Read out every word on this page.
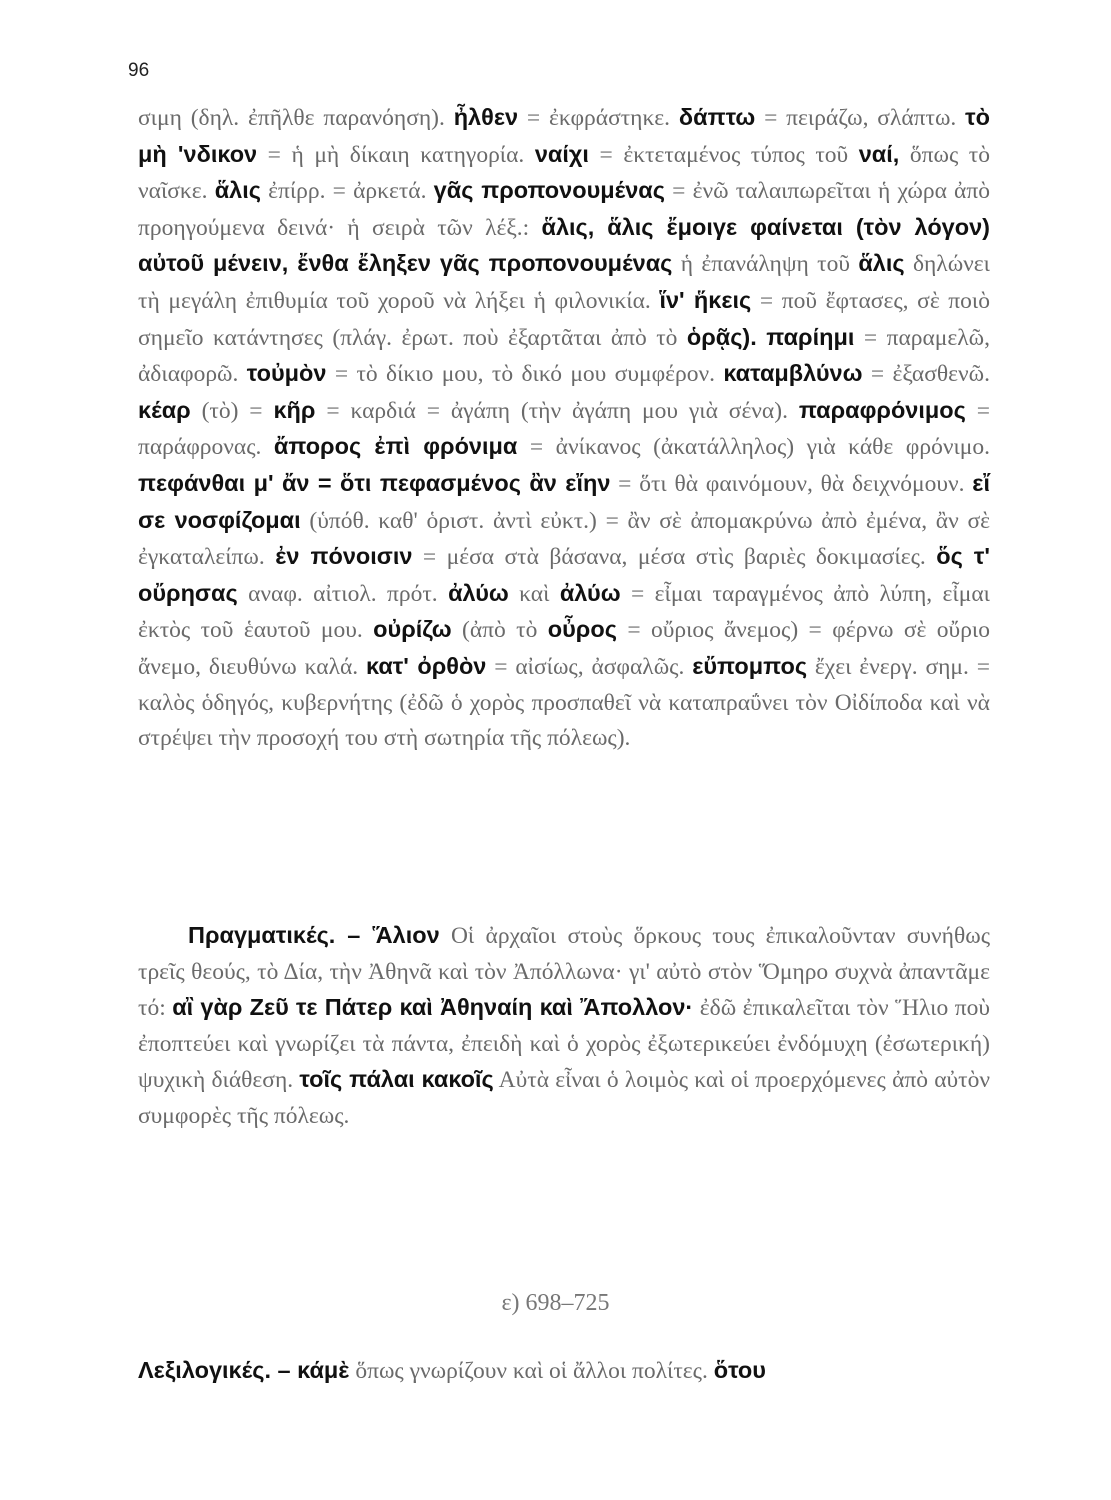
96

σιμη (δηλ. ἐπῆλθε παρανόηση). ἦλθεν = ἐκφράστηκε. δάπτω = πειράζω, σλάπτω. τὸ μὴ 'νδικον = ἡ μὴ δίκαιη κατηγορία. ναίχι = ἐκτεταμένος τύπος τοῦ ναί, ὅπως τὸ ναῖσκε. ἅλις ἐπίρρ. = ἀρκετά. γᾶς προπονουμένας = ἐνῶ ταλαιπωρεῖται ἡ χώρα ἀπὸ προηγούμενα δεινά· ἡ σειρὰ τῶν λέξ.: ἅλις, ἅλις ἔμοιγε φαίνεται (τὸν λόγον) αὐτοῦ μένειν, ἔνθα ἔληξεν γᾶς προπονουμένας ἡ ἐπανάληψη τοῦ ἅλις δηλώνει τὴ μεγάλη ἐπιθυμία τοῦ χοροῦ νὰ λήξει ἡ φιλονικία. ἵν' ἥκεις = ποῦ ἔφτασες, σὲ ποιὸ σημεῖο κατάντησες (πλάγ. ἐρωτ. ποὺ ἐξαρτᾶται ἀπὸ τὸ ὁρᾷς). παρίημι = παραμελῶ, ἀδιαφορῶ. τοὐμὸν = τὸ δίκιο μου, τὸ δικό μου συμφέρον. καταμβλύνω = ἐξασθενῶ. κέαρ (τὸ) = κῆρ = καρδιά = ἀγάπη (τὴν ἀγάπη μου γιὰ σένα). παραφρόνιμος = παράφρονας. ἄπορος ἐπὶ φρόνιμα = ἀνίκανος (ἀκατάλληλος) γιὰ κάθε φρόνιμο. πεφάνθαι μ' ἄν = ὅτι πεφασμένος ἂν εἴην = ὅτι θὰ φαινόμουν, θὰ δειχνόμουν. εἴ σε νοσφίζομαι (ὑπόθ. καθ' ὁριστ. ἀντὶ εὐκτ.) = ἂν σὲ ἀπομακρύνω ἀπὸ ἐμένα, ἂν σὲ ἐγκαταλείπω. ἐν πόνοισιν = μέσα στὰ βάσανα, μέσα στὶς βαριὲς δοκιμασίες. ὅς τ' οὔρησας αναφ. αἰτιολ. πρότ. ἀλύω καὶ ἀλύω = εἶμαι ταραγμένος ἀπὸ λύπη, εἶμαι ἐκτὸς τοῦ ἑαυτοῦ μου. οὐρίζω (ἀπὸ τὸ οὖρος = οὔριος ἄνεμος) = φέρνω σὲ οὔριο ἄνεμο, διευθύνω καλά. κατ' ὀρθὸν = αἰσίως, ἀσφαλῶς. εὔπομπος ἔχει ἐνεργ. σημ. = καλὸς ὁδηγός, κυβερνήτης (ἐδῶ ὁ χορὸς προσπαθεῖ νὰ καταπραΰνει τὸν Οἰδίποδα καὶ νὰ στρέψει τὴν προσοχή του στὴ σωτηρία τῆς πόλεως).

Πραγματικές. – Ἅλιον Οἱ ἀρχαῖοι στοὺς ὅρκους τους ἐπικαλοῦνταν συνήθως τρεῖς θεούς, τὸ Δία, τὴν Ἀθηνᾶ καὶ τὸν Ἀπόλλωνα· γι' αὐτὸ στὸν Ὅμηρο συχνὰ ἀπαντᾶμε τό: αἲ γὰρ Ζεῦ τε Πάτερ καὶ Ἀθηναίη καὶ Ἄπολλον· ἐδῶ ἐπικαλεῖται τὸν Ἥλιο ποὺ ἐποπτεύει καὶ γνωρίζει τὰ πάντα, ἐπειδὴ καὶ ὁ χορὸς ἐξωτερικεύει ἐνδόμυχη (ἐσωτερική) ψυχικὴ διάθεση. τοῖς πάλαι κακοῖς Αὐτὰ εἶναι ὁ λοιμὸς καὶ οἱ προερχόμενες ἀπὸ αὐτὸν συμφορὲς τῆς πόλεως.

ε) 698–725

Λεξιλογικές. – κάμὲ ὅπως γνωρίζουν καὶ οἱ ἄλλοι πολίτες. ὅτου
